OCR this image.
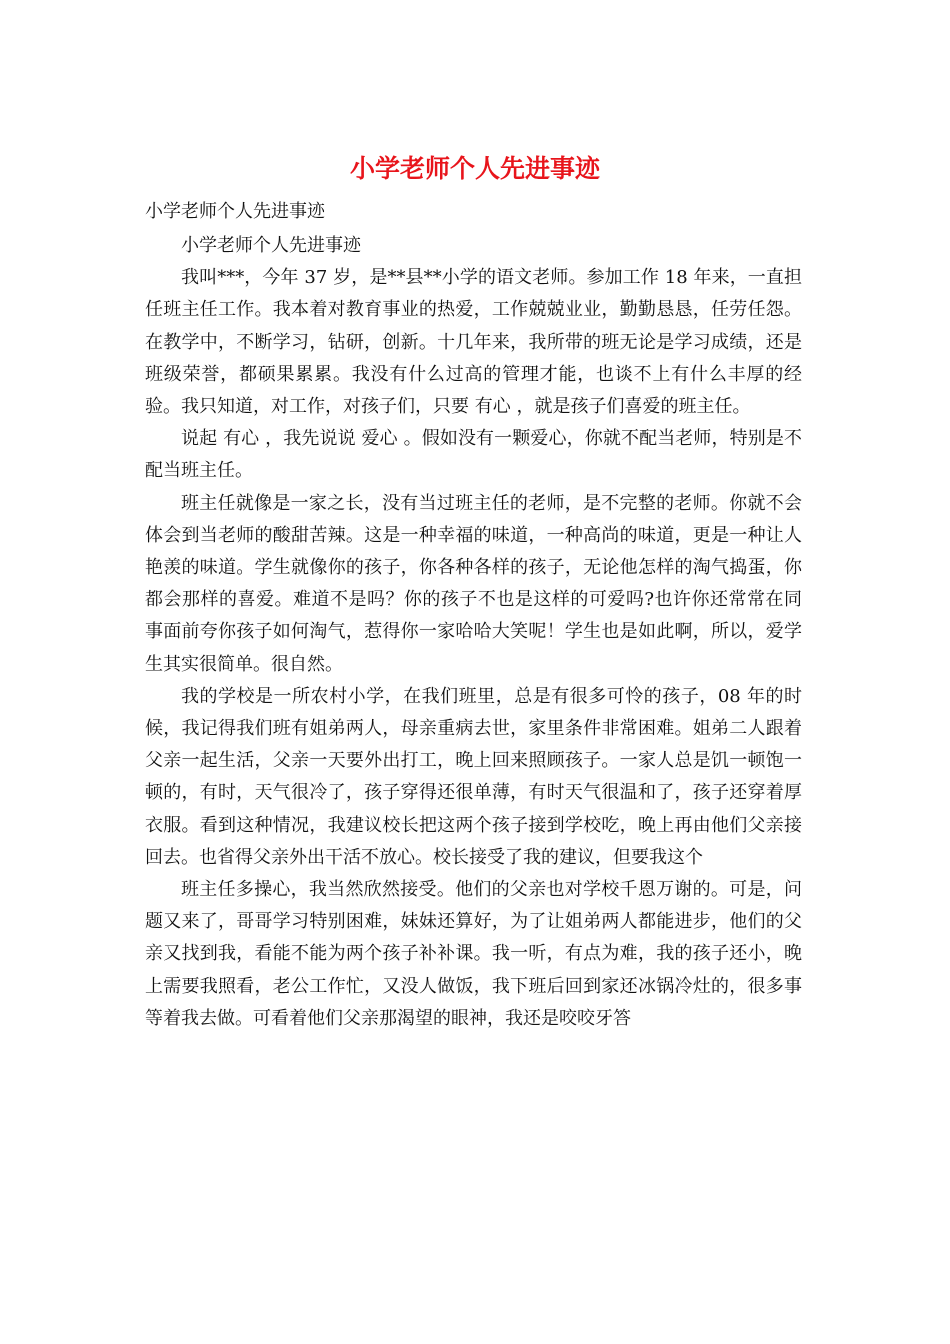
小学老师个人先进事迹
小学老师个人先进事迹

小学老师个人先进事迹

我叫***，今年 37 岁，是**县**小学的语文老师。参加工作 18 年来，一直担任班主任工作。我本着对教育事业的热爱，工作兢兢业业，勤勤恳恳，任劳任怨。在教学中，不断学习，钻研，创新。十几年来，我所带的班无论是学习成绩，还是班级荣誉，都硕果累累。我没有什么过高的管理才能，也谈不上有什么丰厚的经验。我只知道，对工作，对孩子们，只要 有心 ，就是孩子们喜爱的班主任。

说起 有心 ，我先说说 爱心 。假如没有一颗爱心，你就不配当老师，特别是不配当班主任。

班主任就像是一家之长，没有当过班主任的老师，是不完整的老师。你就不会体会到当老师的酸甜苦辣。这是一种幸福的味道，一种高尚的味道，更是一种让人艳羡的味道。学生就像你的孩子，你各种各样的孩子，无论他怎样的淘气捣蛋，你都会那样的喜爱。难道不是吗？你的孩子不也是这样的可爱吗?也许你还常常在同事面前夸你孩子如何淘气，惹得你一家哈哈大笑呢！学生也是如此啊，所以，爱学生其实很简单。很自然。

我的学校是一所农村小学，在我们班里，总是有很多可怜的孩子，08 年的时候，我记得我们班有姐弟两人，母亲重病去世，家里条件非常困难。姐弟二人跟着父亲一起生活，父亲一天要外出打工，晚上回来照顾孩子。一家人总是饥一顿饱一顿的，有时，天气很冷了，孩子穿得还很单薄，有时天气很温和了，孩子还穿着厚衣服。看到这种情况，我建议校长把这两个孩子接到学校吃，晚上再由他们父亲接回去。也省得父亲外出干活不放心。校长接受了我的建议，但要我这个

班主任多操心，我当然欣然接受。他们的父亲也对学校千恩万谢的。可是，问题又来了，哥哥学习特别困难，妹妹还算好，为了让姐弟两人都能进步，他们的父亲又找到我，看能不能为两个孩子补补课。我一听，有点为难，我的孩子还小，晚上需要我照看，老公工作忙，又没人做饭，我下班后回到家还冰锅冷灶的，很多事等着我去做。可看着他们父亲那渴望的眼神，我还是咬咬牙答
